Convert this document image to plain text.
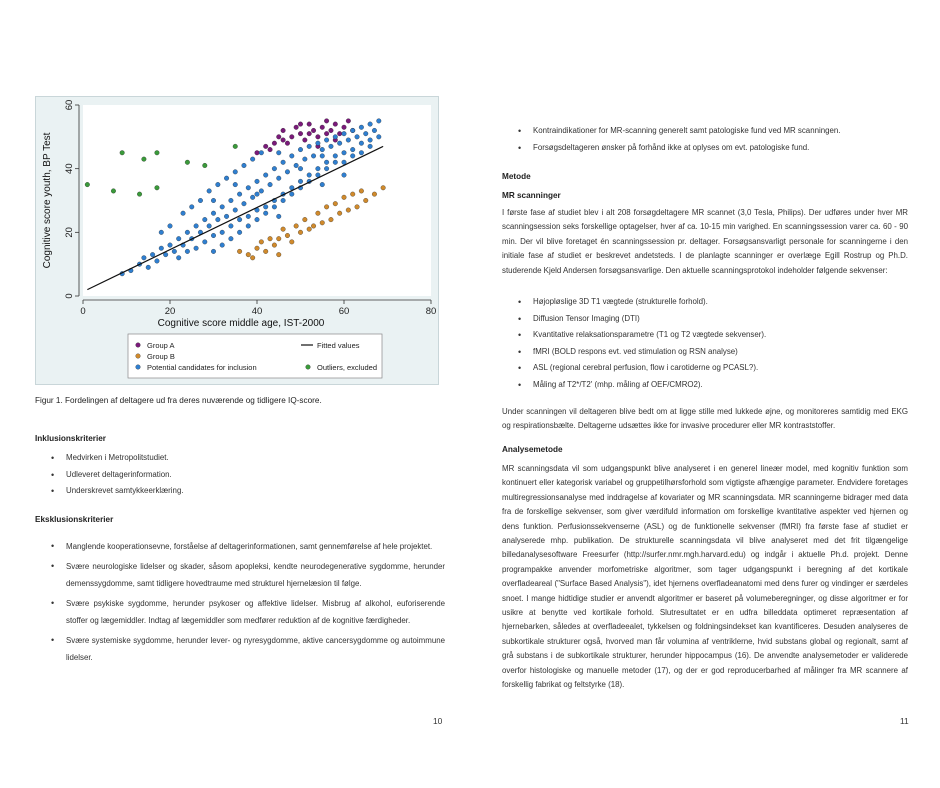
0	20	40	60	80
0
20
40
60
Cognitive score middle age, IST-2000
Cognitive score youth, BP Test
Group A	Fitted values
Group B
Potential candidates for inclusion	Outliers, excluded
Figur 1. Fordelingen af deltagere ud fra deres nuværende og tidligere IQ-score.
Inklusionskriterier
• Medvirken i Metropolitstudiet.
• Udleveret deltagerinformation.
• Underskrevet samtykkeerklæring.
Eksklusionskriterier
• Manglende kooperationsevne, forståelse af deltagerinformationen, samt gennemførelse af hele projektet.
• Svære neurologiske lidelser og skader, såsom apopleksi, kendte neurodegenerative sygdomme, herunder demenssygdomme, samt tidligere hovedtraume med strukturel hjernelæsion til følge.
• Svære psykiske sygdomme, herunder psykoser og affektive lidelser. Misbrug af alkohol, euforiserende stoffer og lægemiddler. Indtag af lægemiddler som medfører reduktion af de kognitive færdigheder.
• Svære systemiske sygdomme, herunder lever- og nyresygdomme, aktive cancersygdomme og autoimmune lidelser.
10
• Kontraindikationer for MR-scanning generelt samt patologiske fund ved MR scanningen.
• Forsøgsdeltageren ønsker på forhånd ikke at oplyses om evt. patologiske fund.
Metode
MR scanninger

I første fase af studiet blev i alt 208 forsøgdeltagere MR scannet (3,0 Tesla, Philips). Der udføres under hver MR scanningsession seks forskellige optagelser, hver af ca. 10-15 min varighed. En scanningssession varer ca. 60 - 90 min. Der vil blive foretaget én scanningssession pr. deltager. Forsøgsansvarligt personale for scanningerne i den initiale fase af studiet er beskrevet andetsteds. I de planlagte scanninger er overlæge Egill Rostrup og Ph.D. studerende Kjeld Andersen forsøgsansvarlige. Den aktuelle scanningsprotokol indeholder følgende sekvenser:

• Højopløslige 3D T1 vægtede (strukturelle forhold).
• Diffusion Tensor Imaging (DTI)
• Kvantitative relaksationsparametre (T1 og T2 vægtede sekvenser).
• fMRI (BOLD respons evt. ved stimulation og RSN analyse)
• ASL (regional cerebral perfusion, flow i carotiderne og PCASL?).
• Måling af T2*/T2' (mhp. måling af OEF/CMRO2).

Under scanningen vil deltageren blive bedt om at ligge stille med lukkede øjne, og monitoreres samtidig med EKG og respirationsbælte. Deltagerne udsættes ikke for invasive procedurer eller MR kontraststoffer.

Analysemetode

MR scanningsdata vil som udgangspunkt blive analyseret i en generel lineær model, med kognitiv funktion som kontinuert eller kategorisk variabel og gruppetilhørsforhold som vigtigste afhængige parameter. Endvidere foretages multiregressionsanalyse med inddragelse af kovariater og MR scanningsdata. MR scanningerne bidrager med data fra de forskellige sekvenser, som giver værdifuld information om forskellige kvantitative aspekter ved hjernen og dens funktion. Perfusionssekvenserne (ASL) og de funktionelle sekvenser (fMRI) fra første fase af studiet er analyserede mhp. publikation. De strukturelle scanningsdata vil blive analyseret med det frit tilgængelige billedanalysesoftware Freesurfer (http://surfer.nmr.mgh.harvard.edu) og indgår i aktuelle Ph.d. projekt. Denne programpakke anvender morfometriske algoritmer, som tager udgangspunkt i beregning af det kortikale overfladeareal ("Surface Based Analysis"), idet hjernens overfladeanatomi med dens furer og vindinger er særdeles snoet. I mange hidtidige studier er anvendt algoritmer er baseret på volumeberegninger, og disse algoritmer er for usikre at benytte ved kortikale forhold. Slutresultatet er en udfra billeddata optimeret repræsentation af hjernebarken, således at overfladeealet, tykkelsen og foldningsindekset kan kvantificeres. Desuden analyseres de subkortikale strukturer også, hvorved man får volumina af ventriklerne, hvid substans global og regionalt, samt af grå substans i de subkortikale strukturer, herunder hippocampus (16). De anvendte analysemetoder er validerede overfor histologiske og manuelle metoder (17), og der er god reproducerbarhed af målinger fra MR scannere af forskellig fabrikat og feltstyrke (18).

11
